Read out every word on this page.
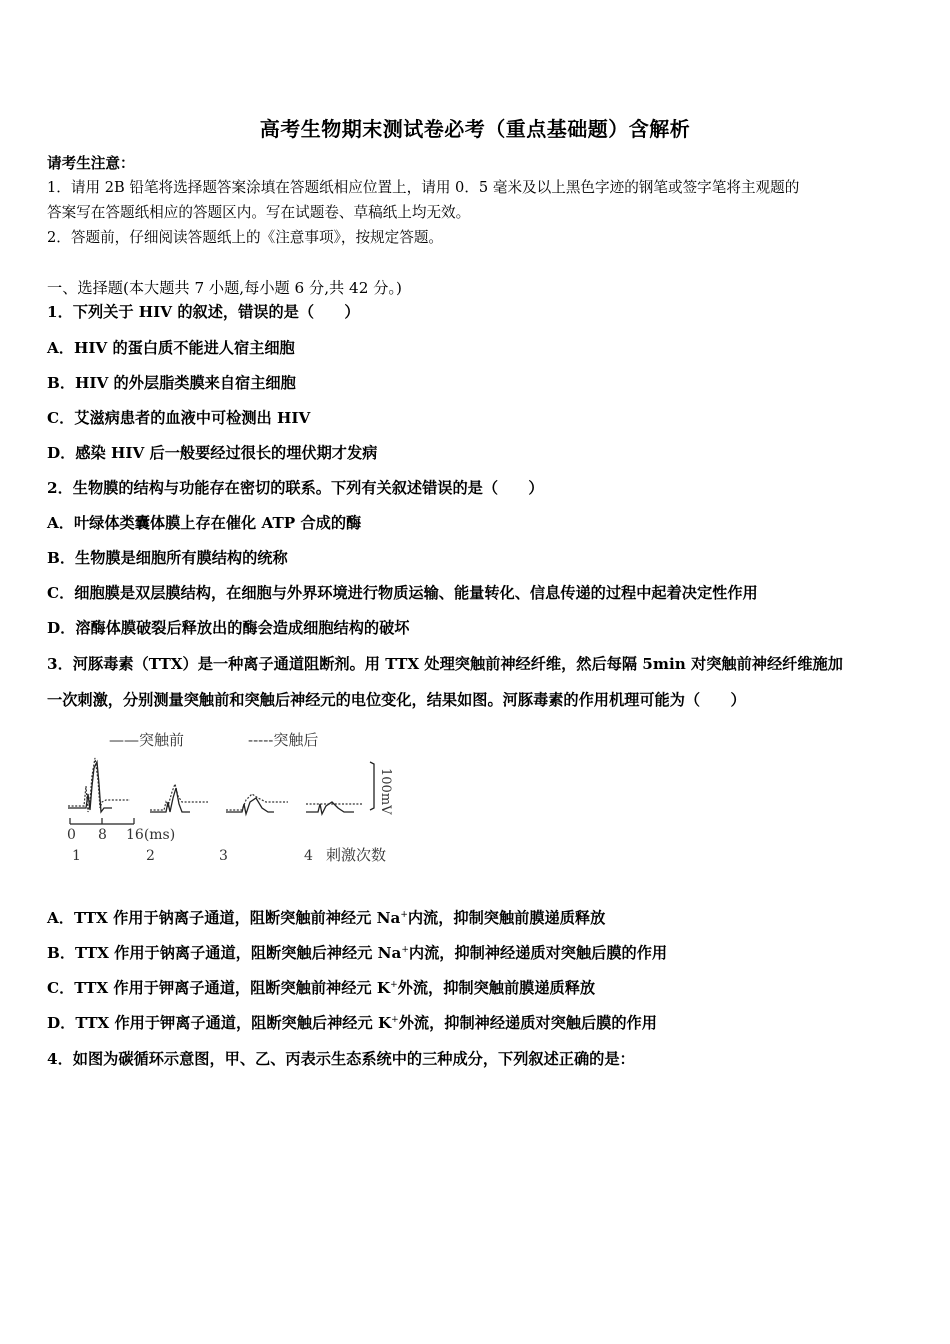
高考生物期末测试卷必考（重点基础题）含解析
请考生注意：
1．请用 2B 铅笔将选择题答案涂填在答题纸相应位置上，请用 0．5 毫米及以上黑色字迹的钢笔或签字笔将主观题的
答案写在答题纸相应的答题区内。写在试题卷、草稿纸上均无效。
2．答题前，仔细阅读答题纸上的《注意事项》，按规定答题。
一、选择题(本大题共 7 小题,每小题 6 分,共 42 分。)
1．下列关于 HIV 的叙述，错误的是（　　）
A．HIV 的蛋白质不能进人宿主细胞
B．HIV 的外层脂类膜来自宿主细胞
C．艾滋病患者的血液中可检测出 HIV
D．感染 HIV 后一般要经过很长的埋伏期才发病
2．生物膜的结构与功能存在密切的联系。下列有关叙述错误的是（　　）
A．叶绿体类囊体膜上存在催化 ATP 合成的酶
B．生物膜是细胞所有膜结构的统称
C．细胞膜是双层膜结构，在细胞与外界环境进行物质运输、能量转化、信息传递的过程中起着决定性作用
D．溶酶体膜破裂后释放出的酶会造成细胞结构的破坏
3．河豚毒素（TTX）是一种离子通道阻断剂。用 TTX 处理突触前神经纤维，然后每隔 5min 对突触前神经纤维施加
一次刺激，分别测量突触前和突触后神经元的电位变化，结果如图。河豚毒素的作用机理可能为（　　）
——突触前	-----突触后
100mV
0 8 16(ms)
1	2	3	4 刺激次数
A．TTX 作用于钠离子通道，阻断突触前神经元 Na+内流，抑制突触前膜递质释放
B．TTX 作用于钠离子通道，阻断突触后神经元 Na+内流，抑制神经递质对突触后膜的作用
C．TTX 作用于钾离子通道，阻断突触前神经元 K+外流，抑制突触前膜递质释放
D．TTX 作用于钾离子通道，阻断突触后神经元 K+外流，抑制神经递质对突触后膜的作用
4．如图为碳循环示意图，甲、乙、丙表示生态系统中的三种成分，下列叙述正确的是：
